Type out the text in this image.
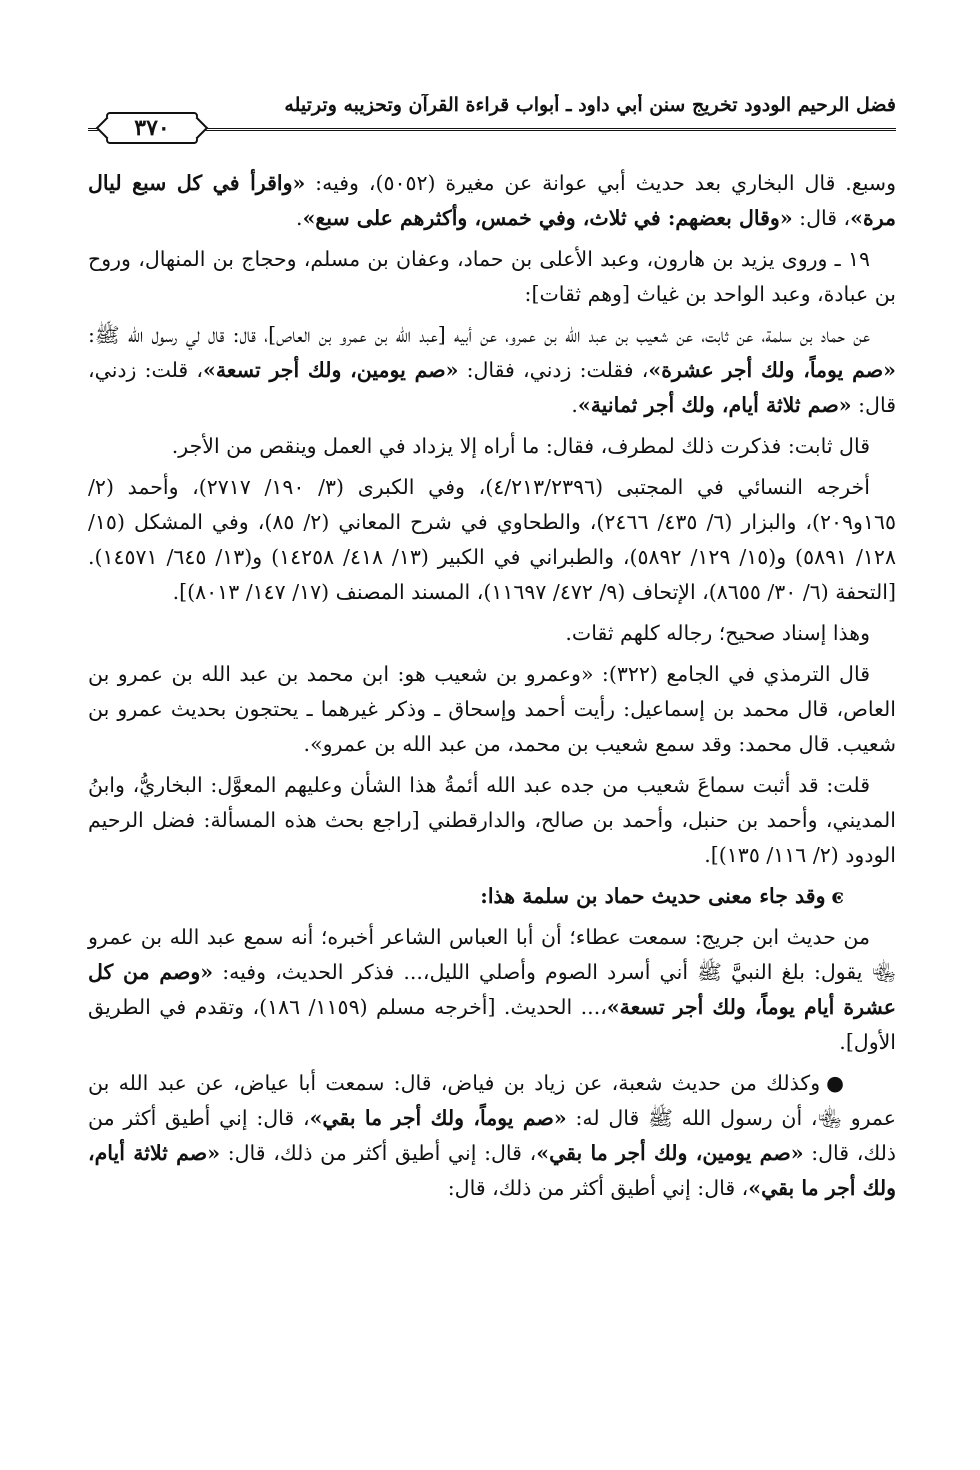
فضل الرحيم الودود تخريج سنن أبي داود ـ أبواب قراءة القرآن وتحزيبه وترتيله
٣٧٠

وسبع. قال البخاري بعد حديث أبي عوانة عن مغيرة (٥٠٥٢)، وفيه: «واقرأ في كل سبع ليال مرة»، قال: «وقال بعضهم: في ثلاث، وفي خمس، وأكثرهم على سبع».

١٩ ـ وروى يزيد بن هارون، وعبد الأعلى بن حماد، وعفان بن مسلم، وحجاج بن المنهال، وروح بن عبادة، وعبد الواحد بن غياث [وهم ثقات]:

عن حماد بن سلمة، عن ثابت، عن شعيب بن عبد الله بن عمرو، عن أبيه [عبد الله بن عمرو بن العاص]، قال: قال لي رسول الله ﷺ: «صم يوماً، ولك أجر عشرة»، فقلت: زدني، فقال: «صم يومين، ولك أجر تسعة»، قلت: زدني، قال: «صم ثلاثة أيام، ولك أجر ثمانية».

قال ثابت: فذكرت ذلك لمطرف، فقال: ما أراه إلا يزداد في العمل وينقص من الأجر.

أخرجه النسائي في المجتبى (٤/٢١٣/٢٣٩٦)، وفي الكبرى (٣/ ١٩٠/ ٢٧١٧)، وأحمد (٢/ ١٦٥و٢٠٩)، والبزار (٦/ ٤٣٥/ ٢٤٦٦)، والطحاوي في شرح المعاني (٢/ ٨٥)، وفي المشكل (١٥/ ١٢٨/ ٥٨٩١) و(١٥/ ١٢٩/ ٥٨٩٢)، والطبراني في الكبير (١٣/ ٤١٨/ ١٤٢٥٨) و(١٣/ ٦٤٥/ ١٤٥٧١). [التحفة (٦/ ٣٠/ ٨٦٥٥)، الإتحاف (٩/ ٤٧٢/ ١١٦٩٧)، المسند المصنف (١٧/ ١٤٧/ ٨٠١٣)].

وهذا إسناد صحيح؛ رجاله كلهم ثقات.

قال الترمذي في الجامع (٣٢٢): «وعمرو بن شعيب هو: ابن محمد بن عبد الله بن عمرو بن العاص، قال محمد بن إسماعيل: رأيت أحمد وإسحاق ـ وذكر غيرهما ـ يحتجون بحديث عمرو بن شعيب. قال محمد: وقد سمع شعيب بن محمد، من عبد الله بن عمرو».

قلت: قد أثبت سماعَ شعيب من جده عبد الله أئمةُ هذا الشأن وعليهم المعوَّل: البخاريُّ، وابنُ المديني، وأحمد بن حنبل، وأحمد بن صالح، والدارقطني [راجع بحث هذه المسألة: فضل الرحيم الودود (٢/ ١١٦/ ١٣٥)].

ͼوقد جاء معنى حديث حماد بن سلمة هذا:

من حديث ابن جريج: سمعت عطاء؛ أن أبا العباس الشاعر أخبره؛ أنه سمع عبد الله بن عمرو ﵄ يقول: بلغ النبيَّ ﷺ أني أسرد الصوم وأصلي الليل،... فذكر الحديث، وفيه: «وصم من كل عشرة أيام يوماً، ولك أجر تسعة»،... الحديث. [أخرجه مسلم (١١٥٩/ ١٨٦)، وتقدم في الطريق الأول].

●وكذلك من حديث شعبة، عن زياد بن فياض، قال: سمعت أبا عياض، عن عبد الله بن عمرو ﵄، أن رسول الله ﷺ قال له: «صم يوماً، ولك أجر ما بقي»، قال: إني أطيق أكثر من ذلك، قال: «صم يومين، ولك أجر ما بقي»، قال: إني أطيق أكثر من ذلك، قال: «صم ثلاثة أيام، ولك أجر ما بقي»، قال: إني أطيق أكثر من ذلك، قال:
